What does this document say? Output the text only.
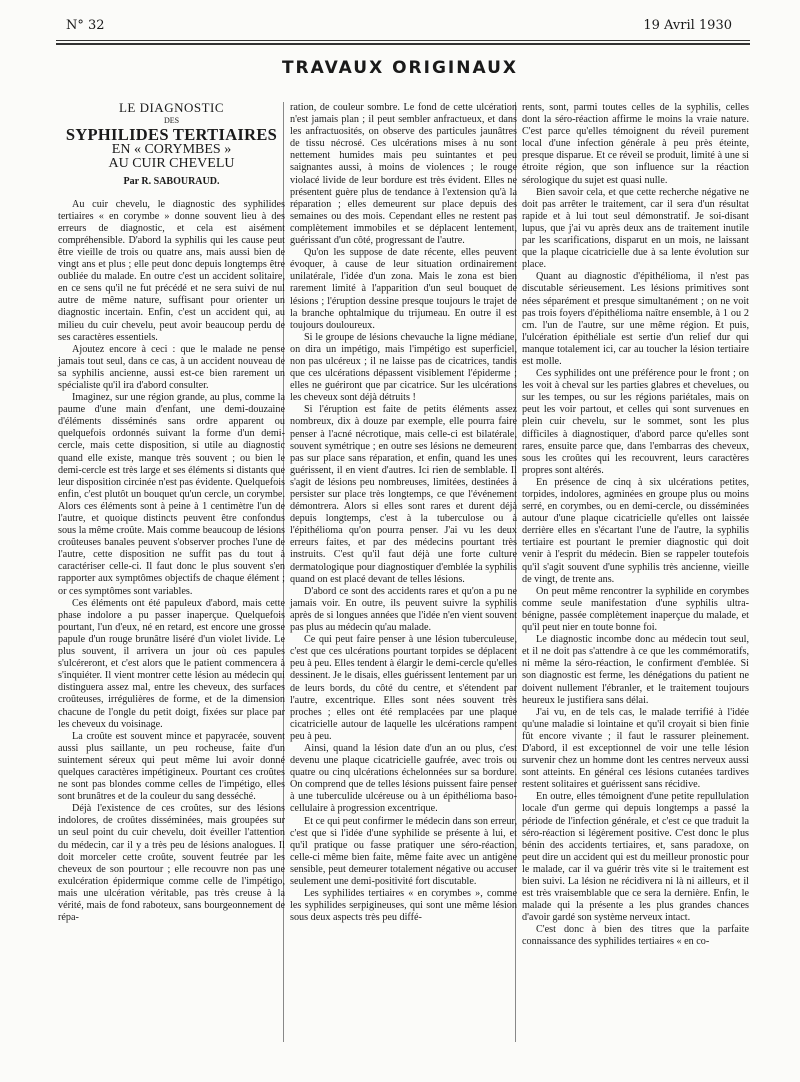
N° 32	19 Avril 1930
TRAVAUX ORIGINAUX
LE DIAGNOSTIC
DES
SYPHILIDES TERTIAIRES
EN « CORYMBES »
AU CUIR CHEVELU
Par R. SABOURAUD.

Au cuir chevelu, le diagnostic des syphilides tertiaires « en corymbe » donne souvent lieu à des erreurs de diagnostic, et cela est aisément compréhensible. D'abord la syphilis qui les cause peut être vieille de trois ou quatre ans, mais aussi bien de vingt ans et plus ; elle peut donc depuis longtemps être oubliée du malade. En outre c'est un accident solitaire, en ce sens qu'il ne fut précédé et ne sera suivi de nul autre de même nature, suffisant pour orienter un diagnostic incertain. Enfin, c'est un accident qui, au milieu du cuir chevelu, peut avoir beaucoup perdu de ses caractères essentiels.

Ajoutez encore à ceci : que le malade ne pense jamais tout seul, dans ce cas, à un accident nouveau de sa syphilis ancienne, aussi est-ce bien rarement un spécialiste qu'il ira d'abord consulter.

Imaginez, sur une région grande, au plus, comme la paume d'une main d'enfant, une demi-douzaine d'éléments disséminés sans ordre apparent ou quelquefois ordonnés suivant la forme d'un demi-cercle, mais cette disposition, si utile au diagnostic quand elle existe, manque très souvent ; ou bien le demi-cercle est très large et ses éléments si distants que leur disposition circinée n'est pas évidente. Quelquefois enfin, c'est plutôt un bouquet qu'un cercle, un corymbe. Alors ces éléments sont à peine à 1 centimètre l'un de l'autre, et quoique distincts peuvent être confondus sous la même croûte. Mais comme beaucoup de lésions croûteuses banales peuvent s'observer proches l'une de l'autre, cette disposition ne suffit pas du tout à caractériser celle-ci. Il faut donc le plus souvent s'en rapporter aux symptômes objectifs de chaque élément ; or ces symptômes sont variables.

Ces éléments ont été papuleux d'abord, mais cette phase indolore a pu passer inaperçue. Quelquefois pourtant, l'un d'eux, né en retard, est encore une grosse papule d'un rouge brunâtre liséré d'un violet livide. Le plus souvent, il arrivera un jour où ces papules s'ulcéreront, et c'est alors que le patient commencera à s'inquiéter. Il vient montrer cette lésion au médecin qui distinguera assez mal, entre les cheveux, des surfaces croûteuses, irrégulières de forme, et de la dimension chacune de l'ongle du petit doigt, fixées sur place par les cheveux du voisinage.

La croûte est souvent mince et papyracée, souvent aussi plus saillante, un peu rocheuse, faite d'un suintement séreux qui peut même lui avoir donné quelques caractères impétigineux. Pourtant ces croûtes ne sont pas blondes comme celles de l'impétigo, elles sont brunâtres et de la couleur du sang desséché.

Déjà l'existence de ces croûtes, sur des lésions indolores, de croûtes disséminées, mais groupées sur un seul point du cuir chevelu, doit éveiller l'attention du médecin, car il y a très peu de lésions analogues. Il doit morceler cette croûte, souvent feutrée par les cheveux de son pourtour ; elle recouvre non pas une exulcération épidermique comme celle de l'impétigo, mais une ulcération véritable, pas très creuse à la vérité, mais de fond raboteux, sans bourgeonnement de répa-

ration, de couleur sombre. Le fond de cette ulcération n'est jamais plan ; il peut sembler anfractueux, et dans les anfractuosités, on observe des particules jaunâtres de tissu nécrosé. Ces ulcérations mises à nu sont nettement humides mais peu suintantes et peu saignantes aussi, à moins de violences ; le rouge violacé livide de leur bordure est très évident. Elles ne présentent guère plus de tendance à l'extension qu'à la réparation ; elles demeurent sur place depuis des semaines ou des mois. Cependant elles ne restent pas complètement immobiles et se déplacent lentement, guérissant d'un côté, progressant de l'autre.

Qu'on les suppose de date récente, elles peuvent évoquer, à cause de leur situation ordinairement unilatérale, l'idée d'un zona. Mais le zona est bien rarement limité à l'apparition d'un seul bouquet de lésions ; l'éruption dessine presque toujours le trajet de la branche ophtalmique du trijumeau. En outre il est toujours douloureux.

Si le groupe de lésions chevauche la ligne médiane, on dira un impétigo, mais l'impétigo est superficiel, non pas ulcéreux ; il ne laisse pas de cicatrices, tandis que ces ulcérations dépassent visiblement l'épiderme ; elles ne guériront que par cicatrice. Sur les ulcérations les cheveux sont déjà détruits !

Si l'éruption est faite de petits éléments assez nombreux, dix à douze par exemple, elle pourra faire penser à l'acné nécrotique, mais celle-ci est bilatérale, souvent symétrique ; en outre ses lésions ne demeurent pas sur place sans réparation, et enfin, quand les unes guérissent, il en vient d'autres. Ici rien de semblable. Il s'agit de lésions peu nombreuses, limitées, destinées à persister sur place très longtemps, ce que l'événement démontrera. Alors si elles sont rares et durent déjà depuis longtemps, c'est à la tuberculose ou à l'épithélioma qu'on pourra penser. J'ai vu les deux erreurs faites, et par des médecins pourtant très instruits. C'est qu'il faut déjà une forte culture dermatologique pour diagnostiquer d'emblée la syphilis quand on est placé devant de telles lésions.

D'abord ce sont des accidents rares et qu'on a pu ne jamais voir. En outre, ils peuvent suivre la syphilis après de si longues années que l'idée n'en vient souvent pas plus au médecin qu'au malade.

Ce qui peut faire penser à une lésion tuberculeuse, c'est que ces ulcérations pourtant torpides se déplacent peu à peu. Elles tendent à élargir le demi-cercle qu'elles dessinent. Je le disais, elles guérissent lentement par un de leurs bords, du côté du centre, et s'étendent par l'autre, excentrique. Elles sont nées souvent très proches ; elles ont été remplacées par une plaque cicatricielle autour de laquelle les ulcérations rampent peu à peu.

Ainsi, quand la lésion date d'un an ou plus, c'est devenu une plaque cicatricielle gaufrée, avec trois ou quatre ou cinq ulcérations échelonnées sur sa bordure. On comprend que de telles lésions puissent faire penser à une tuberculide ulcéreuse ou à un épithélioma baso-cellulaire à progression excentrique.

Et ce qui peut confirmer le médecin dans son erreur, c'est que si l'idée d'une syphilide se présente à lui, et qu'il pratique ou fasse pratiquer une séro-réaction, celle-ci même bien faite, même faite avec un antigène sensible, peut demeurer totalement négative ou accuser seulement une demi-positivité fort discutable.

Les syphilides tertiaires « en corymbes », comme les syphilides serpigineuses, qui sont une même lésion sous deux aspects très peu diffé-

rents, sont, parmi toutes celles de la syphilis, celles dont la séro-réaction affirme le moins la vraie nature. C'est parce qu'elles témoignent du réveil purement local d'une infection générale à peu près éteinte, presque disparue. Et ce réveil se produit, limité à une si étroite région, que son influence sur la réaction sérologique du sujet est quasi nulle.

Bien savoir cela, et que cette recherche négative ne doit pas arrêter le traitement, car il sera d'un résultat rapide et à lui tout seul démonstratif. Je soi-disant lupus, que j'ai vu après deux ans de traitement inutile par les scarifications, disparut en un mois, ne laissant que la plaque cicatricielle due à sa lente évolution sur place.

Quant au diagnostic d'épithélioma, il n'est pas discutable sérieusement. Les lésions primitives sont nées séparément et presque simultanément ; on ne voit pas trois foyers d'épithélioma naître ensemble, à 1 ou 2 cm. l'un de l'autre, sur une même région. Et puis, l'ulcération épithéliale est sertie d'un relief dur qui manque totalement ici, car au toucher la lésion tertiaire est molle.

Ces syphilides ont une préférence pour le front ; on les voit à cheval sur les parties glabres et chevelues, ou sur les tempes, ou sur les régions pariétales, mais on peut les voir partout, et celles qui sont survenues en plein cuir chevelu, sur le sommet, sont les plus difficiles à diagnostiquer, d'abord parce qu'elles sont rares, ensuite parce que, dans l'embarras des cheveux, sous les croûtes qui les recouvrent, leurs caractères propres sont altérés.

En présence de cinq à six ulcérations petites, torpides, indolores, agminées en groupe plus ou moins serré, en corymbes, ou en demi-cercle, ou disséminées autour d'une plaque cicatricielle qu'elles ont laissée derrière elles en s'écartant l'une de l'autre, la syphilis tertiaire est pourtant le premier diagnostic qui doit venir à l'esprit du médecin. Bien se rappeler toutefois qu'il s'agit souvent d'une syphilis très ancienne, vieille de vingt, de trente ans.

On peut même rencontrer la syphilide en corymbes comme seule manifestation d'une syphilis ultra-bénigne, passée complètement inaperçue du malade, et qu'il peut nier en toute bonne foi.

Le diagnostic incombe donc au médecin tout seul, et il ne doit pas s'attendre à ce que les commémoratifs, ni même la séro-réaction, le confirment d'emblée. Si son diagnostic est ferme, les dénégations du patient ne doivent nullement l'ébranler, et le traitement toujours heureux le justifiera sans délai.

J'ai vu, en de tels cas, le malade terrifié à l'idée qu'une maladie si lointaine et qu'il croyait si bien finie fût encore vivante ; il faut le rassurer pleinement. D'abord, il est exceptionnel de voir une telle lésion survenir chez un homme dont les centres nerveux aussi sont atteints. En général ces lésions cutanées tardives restent solitaires et guérissent sans récidive.

En outre, elles témoignent d'une petite repullulation locale d'un germe qui depuis longtemps a passé la période de l'infection générale, et c'est ce que traduit la séro-réaction si légèrement positive. C'est donc le plus bénin des accidents tertiaires, et, sans paradoxe, on peut dire un accident qui est du meilleur pronostic pour le malade, car il va guérir très vite si le traitement est bien suivi. La lésion ne récidivera ni là ni ailleurs, et il est très vraisemblable que ce sera la dernière. Enfin, le malade qui la présente a les plus grandes chances d'avoir gardé son système nerveux intact.

C'est donc à bien des titres que la parfaite connaissance des syphilides tertiaires « en co-
